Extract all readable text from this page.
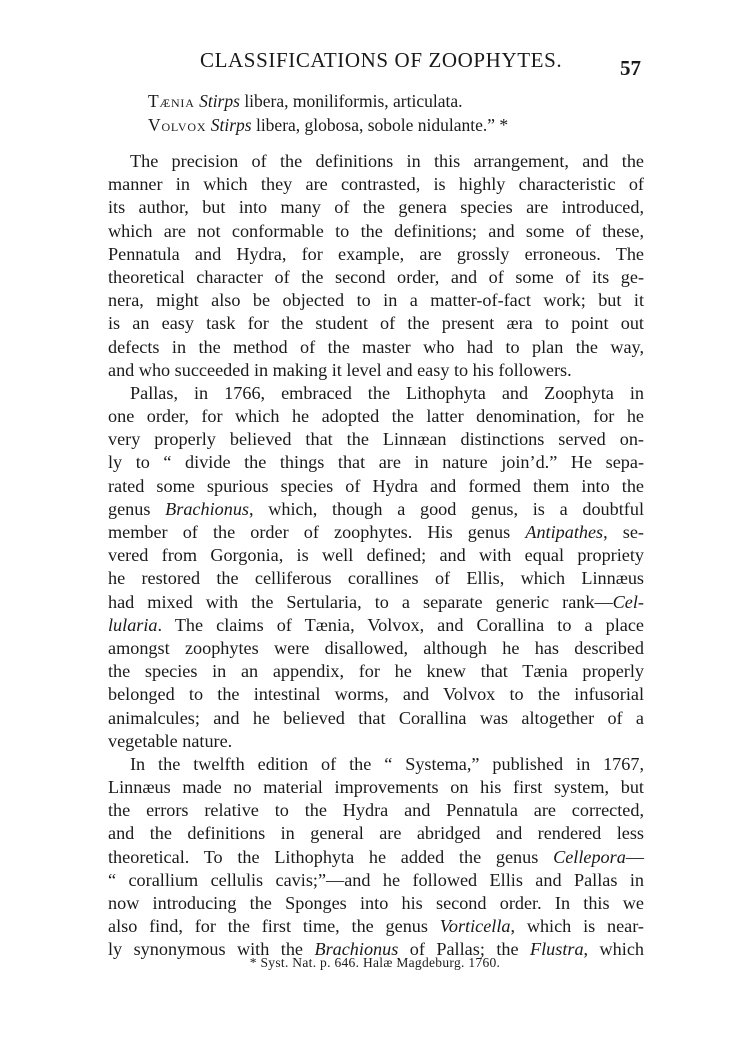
CLASSIFICATIONS OF ZOOPHYTES.	57
Tænia Stirps libera, moniliformis, articulata.
Volvox Stirps libera, globosa, sobole nidulante.” *
The precision of the definitions in this arrangement, and the
manner in which they are contrasted, is highly characteristic of
its author, but into many of the genera species are introduced,
which are not conformable to the definitions; and some of these,
Pennatula and Hydra, for example, are grossly erroneous. The
theoretical character of the second order, and of some of its ge-
nera, might also be objected to in a matter-of-fact work; but it
is an easy task for the student of the present æra to point out
defects in the method of the master who had to plan the way,
and who succeeded in making it level and easy to his followers.
Pallas, in 1766, embraced the Lithophyta and Zoophyta in
one order, for which he adopted the latter denomination, for he
very properly believed that the Linnæan distinctions served on-
ly to “ divide the things that are in nature join’d.” He sepa-
rated some spurious species of Hydra and formed them into the
genus Brachionus, which, though a good genus, is a doubtful
member of the order of zoophytes. His genus Antipathes, se-
vered from Gorgonia, is well defined; and with equal propriety
he restored the celliferous corallines of Ellis, which Linnæus
had mixed with the Sertularia, to a separate generic rank—Cel-
lularia. The claims of Tænia, Volvox, and Corallina to a place
amongst zoophytes were disallowed, although he has described
the species in an appendix, for he knew that Tænia properly
belonged to the intestinal worms, and Volvox to the infusorial
animalcules; and he believed that Corallina was altogether of a
vegetable nature.
In the twelfth edition of the “ Systema,” published in 1767,
Linnæus made no material improvements on his first system, but
the errors relative to the Hydra and Pennatula are corrected,
and the definitions in general are abridged and rendered less
theoretical. To the Lithophyta he added the genus Cellepora—
“ corallium cellulis cavis;”—and he followed Ellis and Pallas in
now introducing the Sponges into his second order. In this we
also find, for the first time, the genus Vorticella, which is near-
ly synonymous with the Brachionus of Pallas; the Flustra, which
* Syst. Nat. p. 646. Halæ Magdeburg. 1760.
